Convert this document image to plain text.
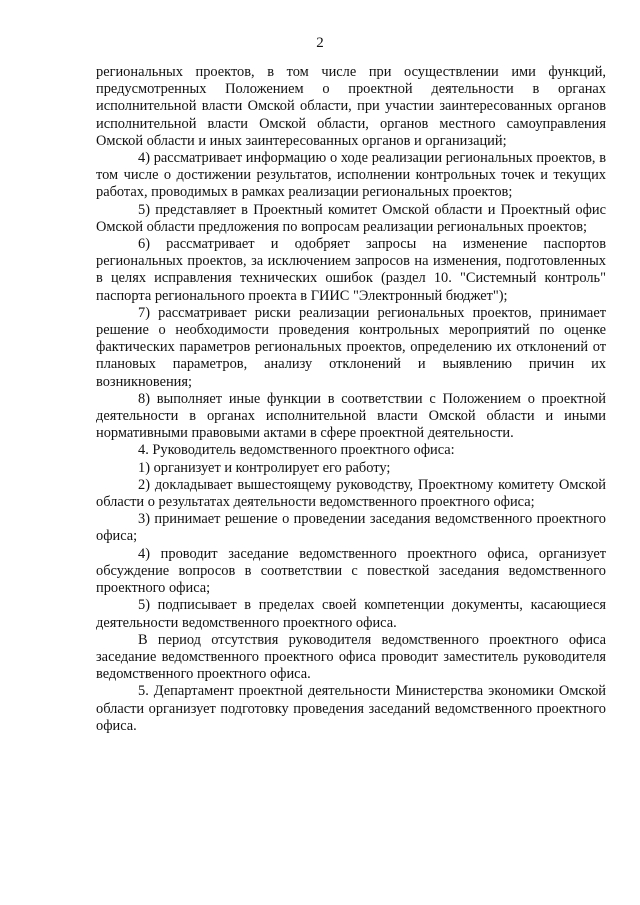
2

региональных проектов, в том числе при осуществлении ими функций, предусмотренных Положением о проектной деятельности в органах исполнительной власти Омской области, при участии заинтересованных органов исполнительной власти Омской области, органов местного самоуправления Омской области и иных заинтересованных органов и организаций;

4) рассматривает информацию о ходе реализации региональных проектов, в том числе о достижении результатов, исполнении контрольных точек и текущих работах, проводимых в рамках реализации региональных проектов;

5) представляет в Проектный комитет Омской области и Проектный офис Омской области предложения по вопросам реализации региональных проектов;

6) рассматривает и одобряет запросы на изменение паспортов региональных проектов, за исключением запросов на изменения, подготовленных в целях исправления технических ошибок (раздел 10. "Системный контроль" паспорта регионального проекта в ГИИС "Электронный бюджет");

7) рассматривает риски реализации региональных проектов, принимает решение о необходимости проведения контрольных мероприятий по оценке фактических параметров региональных проектов, определению их отклонений от плановых параметров, анализу отклонений и выявлению причин их возникновения;

8) выполняет иные функции в соответствии с Положением о проектной деятельности в органах исполнительной власти Омской области и иными нормативными правовыми актами в сфере проектной деятельности.

4. Руководитель ведомственного проектного офиса:

1) организует и контролирует его работу;

2) докладывает вышестоящему руководству, Проектному комитету Омской области о результатах деятельности ведомственного проектного офиса;

3) принимает решение о проведении заседания ведомственного проектного офиса;

4) проводит заседание ведомственного проектного офиса, организует обсуждение вопросов в соответствии с повесткой заседания ведомственного проектного офиса;

5) подписывает в пределах своей компетенции документы, касающиеся деятельности ведомственного проектного офиса.

В период отсутствия руководителя ведомственного проектного офиса заседание ведомственного проектного офиса проводит заместитель руководителя ведомственного проектного офиса.

5. Департамент проектной деятельности Министерства экономики Омской области организует подготовку проведения заседаний ведомственного проектного офиса.
